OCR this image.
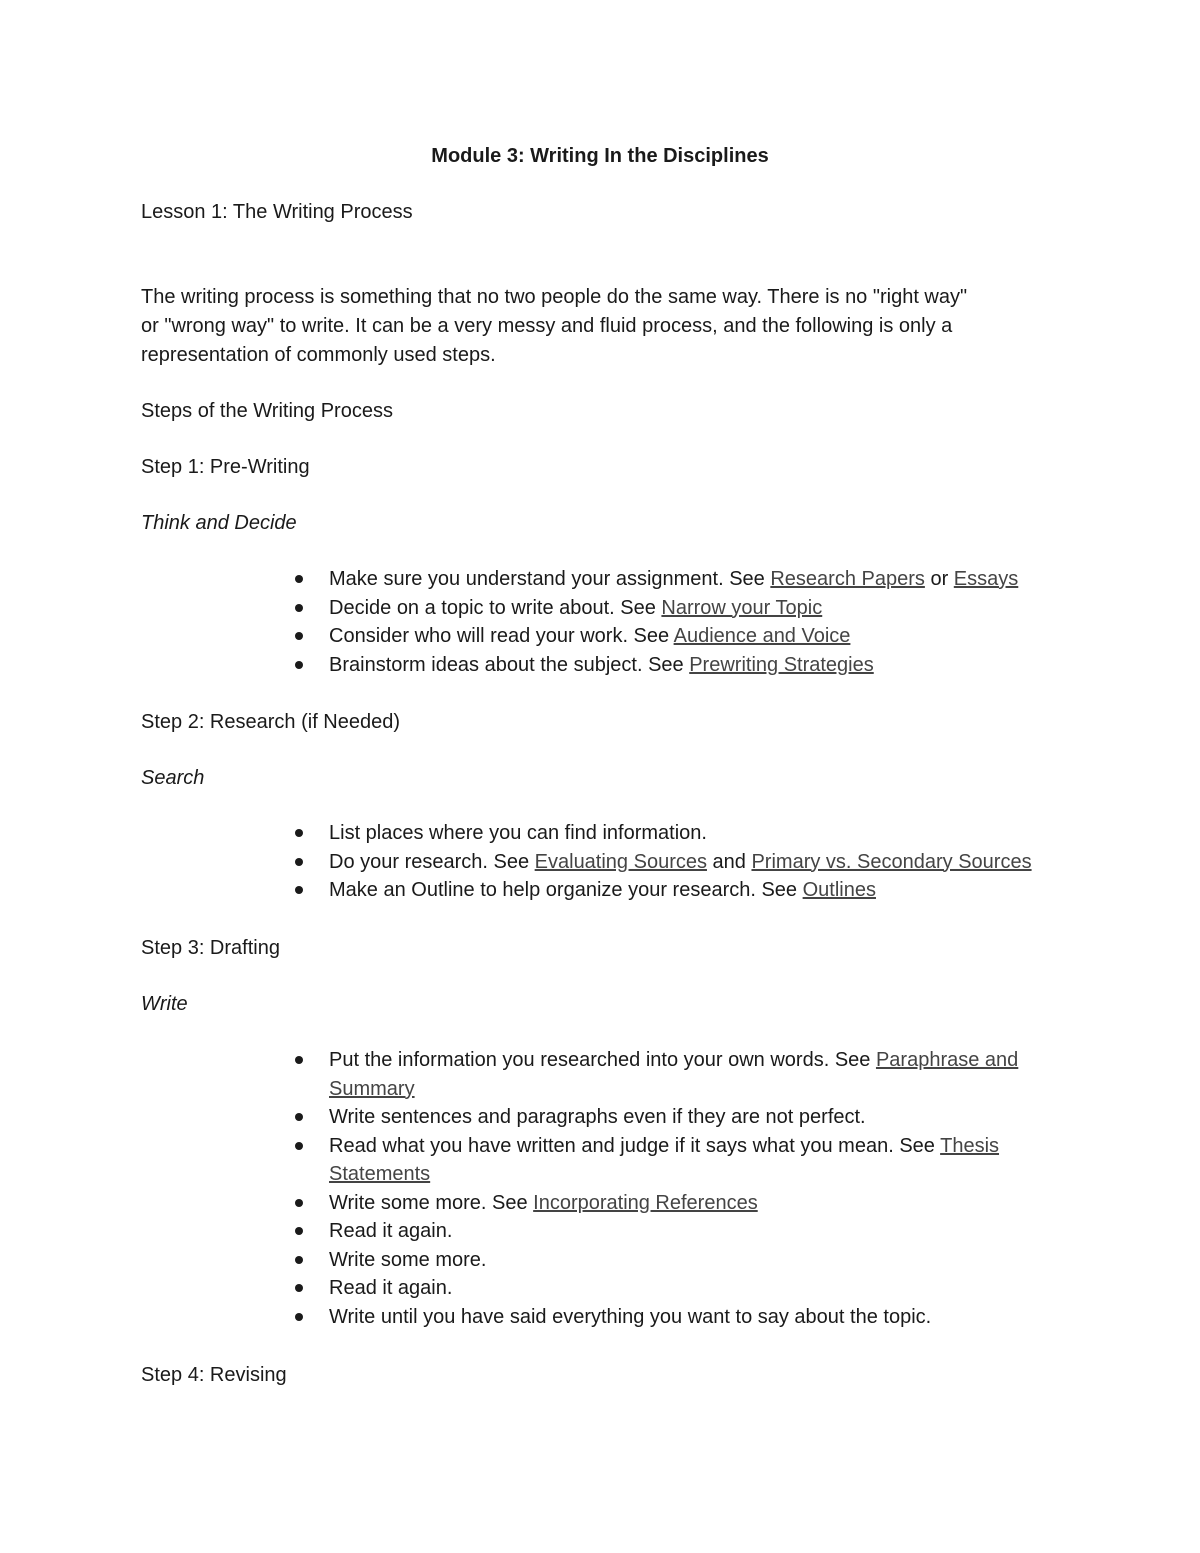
Module 3: Writing In the Disciplines
Lesson 1: The Writing Process
The writing process is something that no two people do the same way. There is no "right way"
or "wrong way" to write. It can be a very messy and fluid process, and the following is only a
representation of commonly used steps.
Steps of the Writing Process
Step 1: Pre-Writing
Think and Decide
Make sure you understand your assignment. See Research Papers or Essays
Decide on a topic to write about. See Narrow your Topic
Consider who will read your work. See Audience and Voice
Brainstorm ideas about the subject. See Prewriting Strategies
Step 2: Research (if Needed)
Search
List places where you can find information.
Do your research. See Evaluating Sources and Primary vs. Secondary Sources
Make an Outline to help organize your research. See Outlines
Step 3: Drafting
Write
Put the information you researched into your own words. See Paraphrase and Summary
Write sentences and paragraphs even if they are not perfect.
Read what you have written and judge if it says what you mean. See Thesis Statements
Write some more. See Incorporating References
Read it again.
Write some more.
Read it again.
Write until you have said everything you want to say about the topic.
Step 4: Revising
